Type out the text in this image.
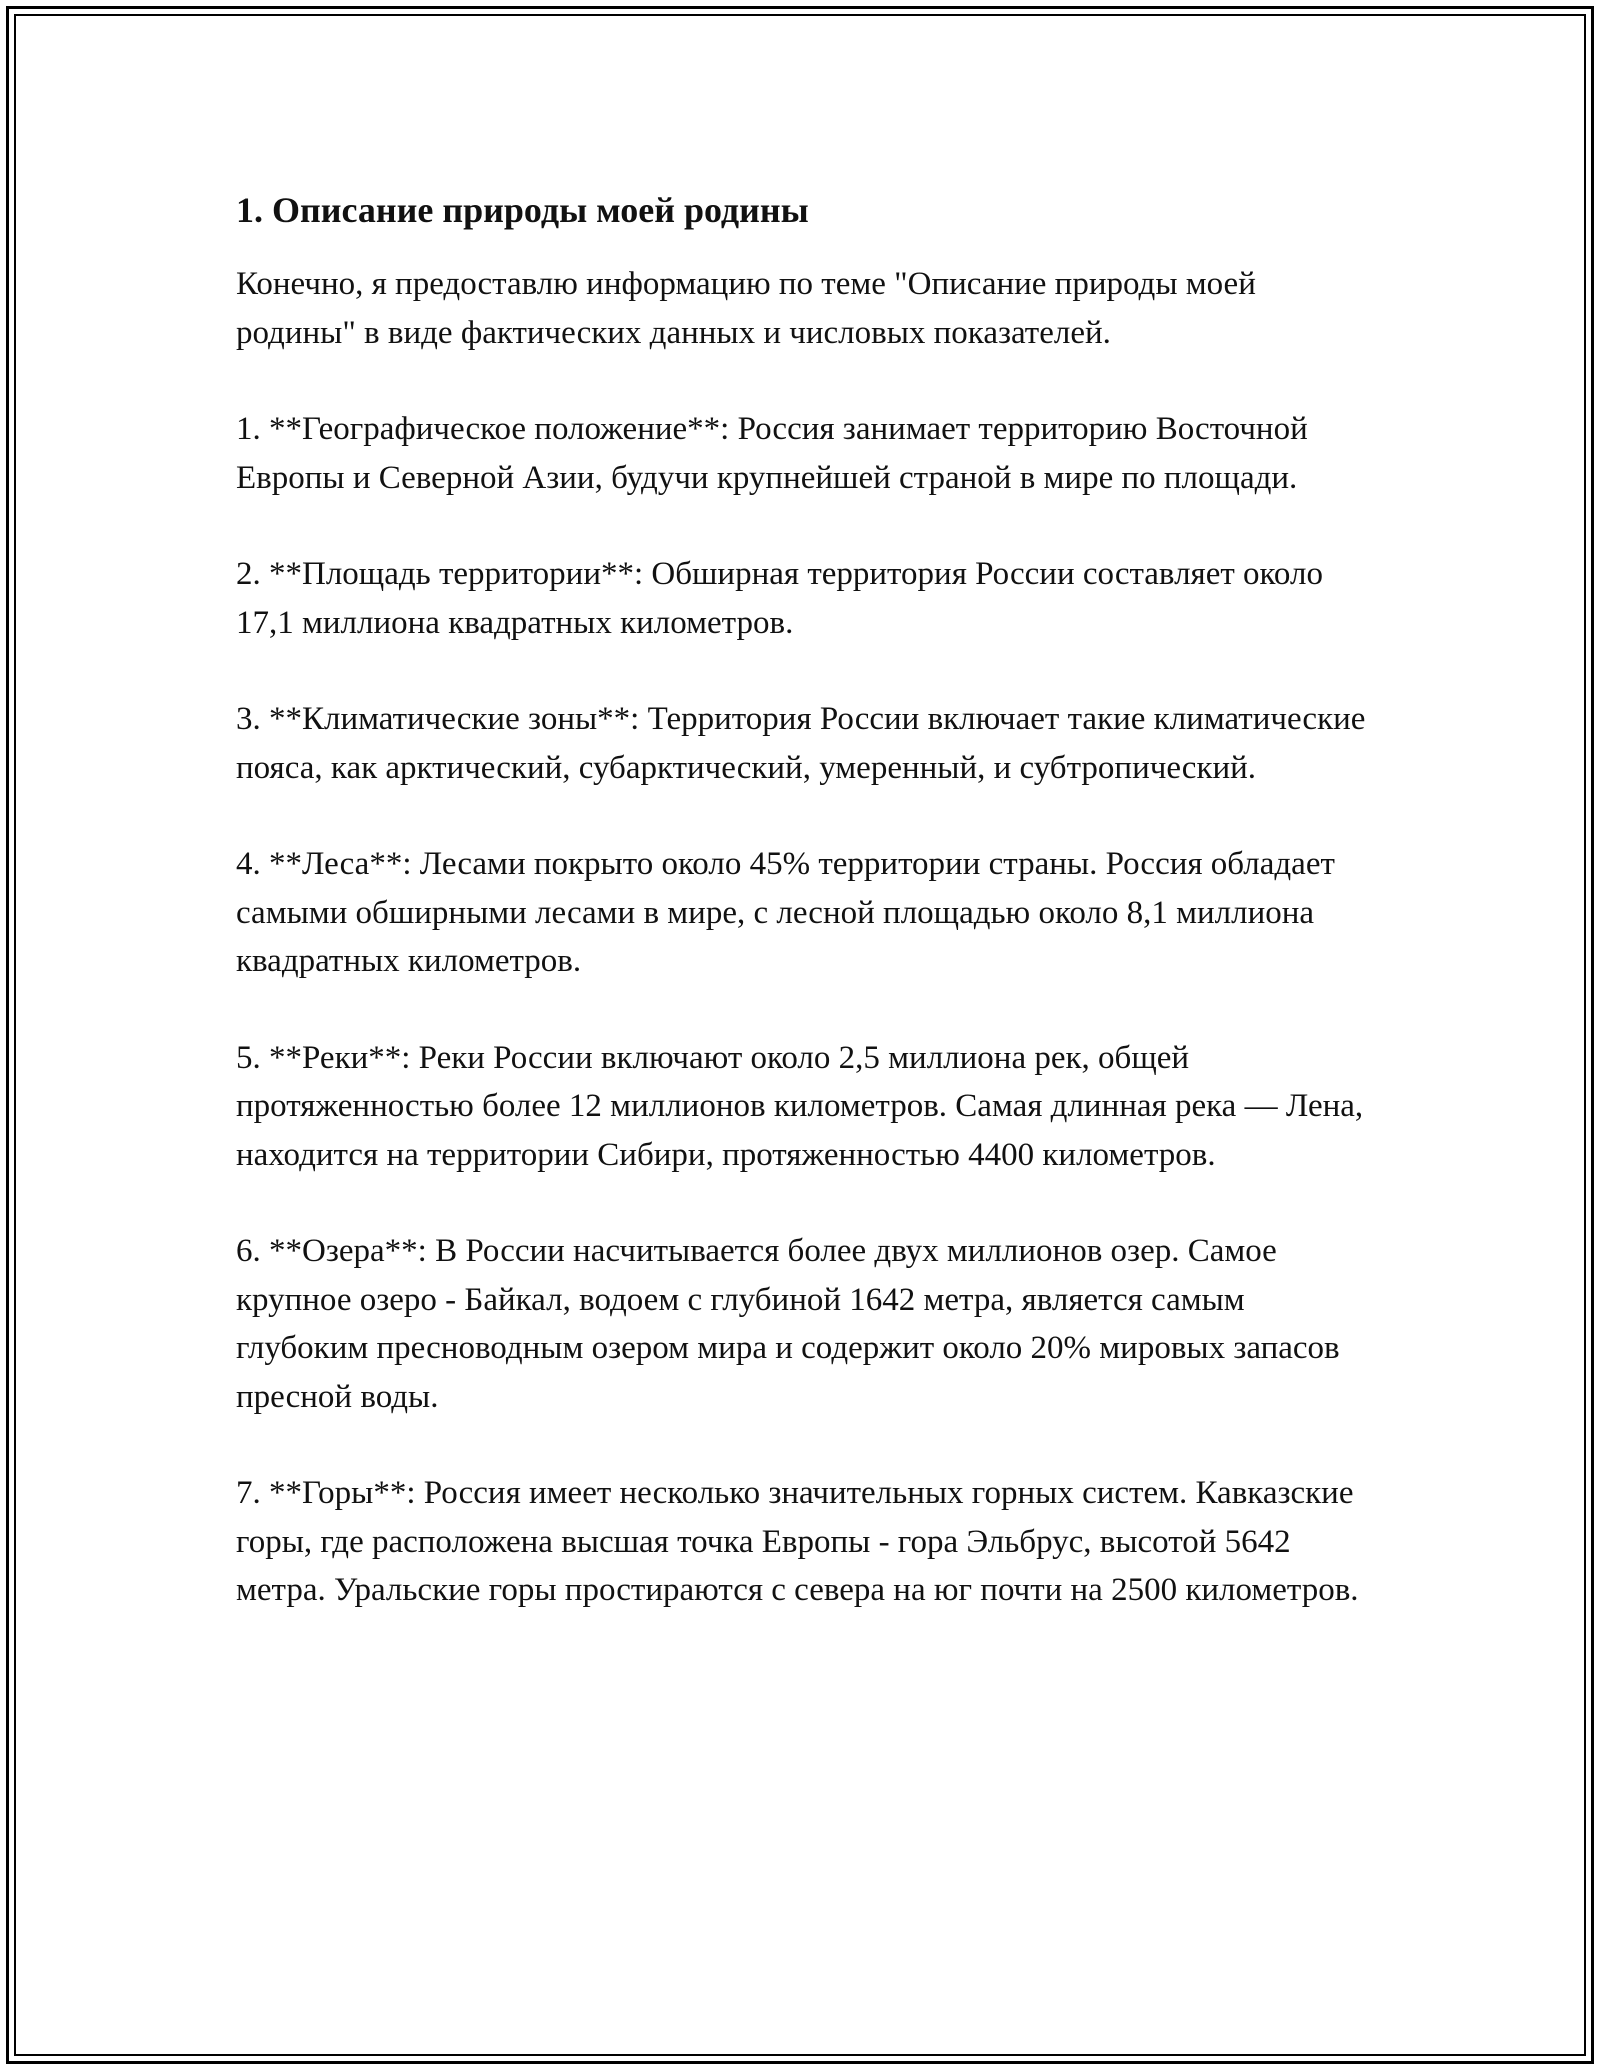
1. Описание природы моей родины

Конечно, я предоставлю информацию по теме "Описание природы моей родины" в виде фактических данных и числовых показателей.

1. **Географическое положение**: Россия занимает территорию Восточной Европы и Северной Азии, будучи крупнейшей страной в мире по площади.

2. **Площадь территории**: Обширная территория России составляет около 17,1 миллиона квадратных километров.

3. **Климатические зоны**: Территория России включает такие климатические пояса, как арктический, субарктический, умеренный, и субтропический.

4. **Леса**: Лесами покрыто около 45% территории страны. Россия обладает самыми обширными лесами в мире, с лесной площадью около 8,1 миллиона квадратных километров.

5. **Реки**: Реки России включают около 2,5 миллиона рек, общей протяженностью более 12 миллионов километров. Самая длинная река — Лена, находится на территории Сибири, протяженностью 4400 километров.

6. **Озера**: В России насчитывается более двух миллионов озер. Самое крупное озеро - Байкал, водоем с глубиной 1642 метра, является самым глубоким пресноводным озером мира и содержит около 20% мировых запасов пресной воды.

7. **Горы**: Россия имеет несколько значительных горных систем. Кавказские горы, где расположена высшая точка Европы - гора Эльбрус, высотой 5642 метра. Уральские горы простираются с севера на юг почти на 2500 километров.
